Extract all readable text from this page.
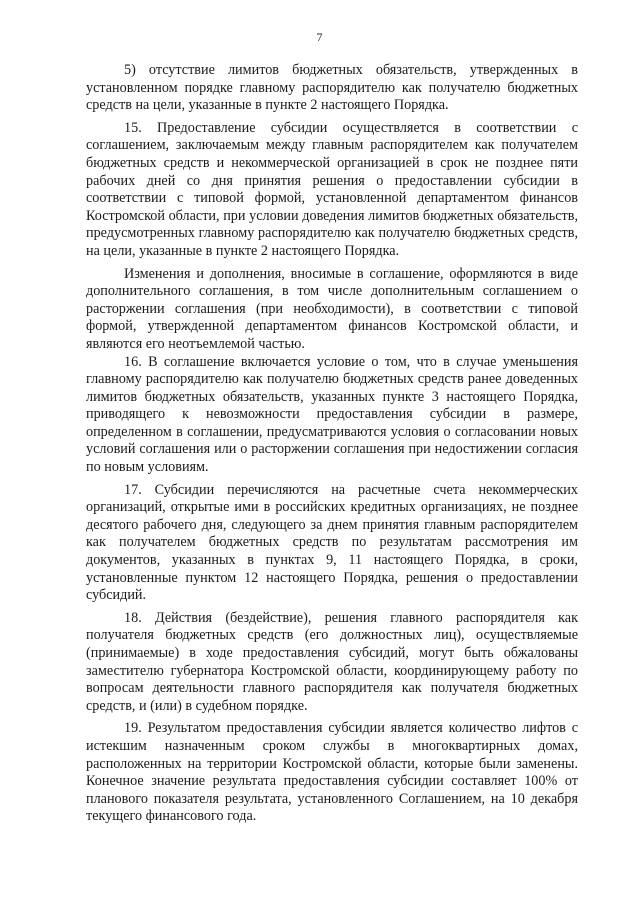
7

5) отсутствие лимитов бюджетных обязательств, утвержденных в установленном порядке главному распорядителю как получателю бюджетных средств на цели, указанные в пункте 2 настоящего Порядка.

15. Предоставление субсидии осуществляется в соответствии с соглашением, заключаемым между главным распорядителем как получателем бюджетных средств и некоммерческой организацией в срок не позднее пяти рабочих дней со дня принятия решения о предоставлении субсидии в соответствии с типовой формой, установленной департаментом финансов Костромской области, при условии доведения лимитов бюджетных обязательств, предусмотренных главному распорядителю как получателю бюджетных средств, на цели, указанные в пункте 2 настоящего Порядка.

Изменения и дополнения, вносимые в соглашение, оформляются в виде дополнительного соглашения, в том числе дополнительным соглашением о расторжении соглашения (при необходимости), в соответствии с типовой формой, утвержденной департаментом финансов Костромской области, и являются его неотъемлемой частью.

16. В соглашение включается условие о том, что в случае уменьшения главному распорядителю как получателю бюджетных средств ранее доведенных лимитов бюджетных обязательств, указанных пункте 3 настоящего Порядка, приводящего к невозможности предоставления субсидии в размере, определенном в соглашении, предусматриваются условия о согласовании новых условий соглашения или о расторжении соглашения при недостижении согласия по новым условиям.

17. Субсидии перечисляются на расчетные счета некоммерческих организаций, открытые ими в российских кредитных организациях, не позднее десятого рабочего дня, следующего за днем принятия главным распорядителем как получателем бюджетных средств по результатам рассмотрения им документов, указанных в пунктах 9, 11 настоящего Порядка, в сроки, установленные пунктом 12 настоящего Порядка, решения о предоставлении субсидий.

18. Действия (бездействие), решения главного распорядителя как получателя бюджетных средств (его должностных лиц), осуществляемые (принимаемые) в ходе предоставления субсидий, могут быть обжалованы заместителю губернатора Костромской области, координирующему работу по вопросам деятельности главного распорядителя как получателя бюджетных средств, и (или) в судебном порядке.

19. Результатом предоставления субсидии является количество лифтов с истекшим назначенным сроком службы в многоквартирных домах, расположенных на территории Костромской области, которые были заменены. Конечное значение результата предоставления субсидии составляет 100% от планового показателя результата, установленного Соглашением, на 10 декабря текущего финансового года.
